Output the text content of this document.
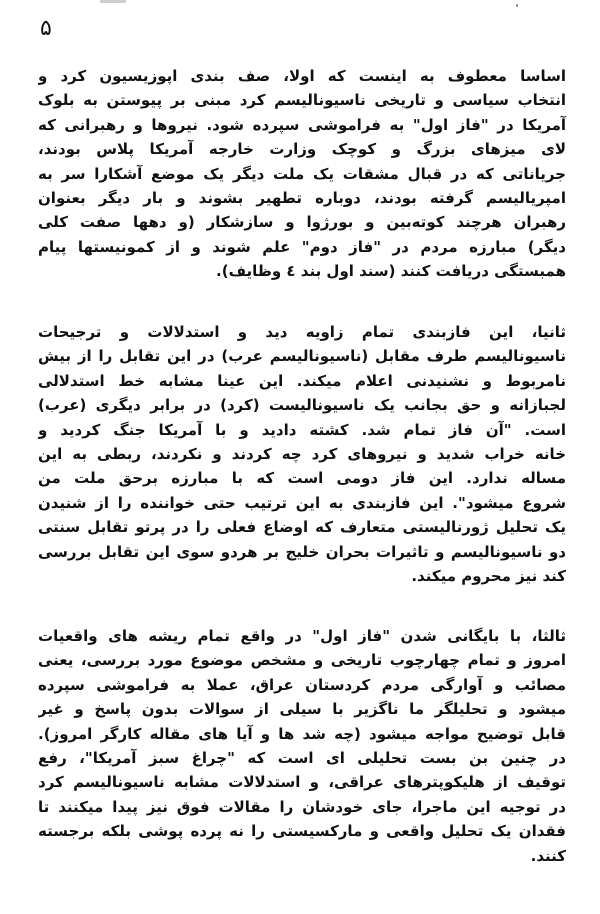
۵
اساسا معطوف به اینست که اولا، صف بندی اپوزیسیون کرد و
انتخاب سیاسی و تاریخی ناسیونالیسم کرد مبنی بر پیوستن به بلوک
آمریکا در "فاز اول" به فراموشی سپرده شود. نیروها و رهبرانی که
لای میزهای بزرگ و کوچک وزارت خارجه آمریکا پلاس بودند،
جریاناتی که در قبال مشقات یک ملت دیگر یک موضع آشکارا سر به
امپریالیسم گرفته بودند، دوباره تطهیر بشوند و بار دیگر بعنوان
رهبران هرچند کوته‌بین و بورژوا و سازشکار (و دهها صفت کلی
دیگر) مبارزه مردم در "فاز دوم" علم شوند و از کمونیستها پیام
همبستگی دریافت کنند (سند اول بند ٤ وظایف).
ثانیا، این فازبندی تمام زاویه دید و استدلالات و ترجیحات
ناسیونالیسم طرف مقابل (ناسیونالیسم عرب) در این تقابل را از بیش
نامربوط و نشنیدنی اعلام میکند. این عینا مشابه خط استدلالی
لجبازانه و حق بجانب یک ناسیونالیست (کرد) در برابر دیگری (عرب)
است. "آن فاز تمام شد. کشته دادید و با آمریکا جنگ کردید و
خانه خراب شدید و نیروهای کرد چه کردند و نکردند، ربطی به این
مساله ندارد. این فاز دومی است که با مبارزه برحق ملت من
شروع میشود". این فازبندی به این ترتیب حتی خواننده را از شنیدن
یک تحلیل ژورنالیستی متعارف که اوضاع فعلی را در پرتو تقابل سنتی
دو ناسیونالیسم و تاثیرات بحران خلیج بر هردو سوی این تقابل بررسی
کند نیز محروم میکند.
ثالثا، با بایگانی شدن "فاز اول" در واقع تمام ریشه های واقعیات
امروز و تمام چهارچوب تاریخی و مشخص موضوع مورد بررسی، یعنی
مصائب و آوارگی مردم کردستان عراق، عملا به فراموشی سپرده
میشود و تحلیلگر ما ناگزیر با سیلی از سوالات بدون پاسخ و غیر
قابل توضیح مواجه میشود (چه شد ها و آیا های مقاله کارگر امروز).
در چنین بن بست تحلیلی ای است که "چراغ سبز آمریکا"، رفع
توقیف از هلیکوپترهای عراقی، و استدلالات مشابه ناسیونالیسم کرد
در توجیه این ماجرا، جای خودشان را مقالات فوق نیز پیدا میکنند تا
فقدان یک تحلیل واقعی و مارکسیستی را نه پرده پوشی بلکه برجسته
کنند.
